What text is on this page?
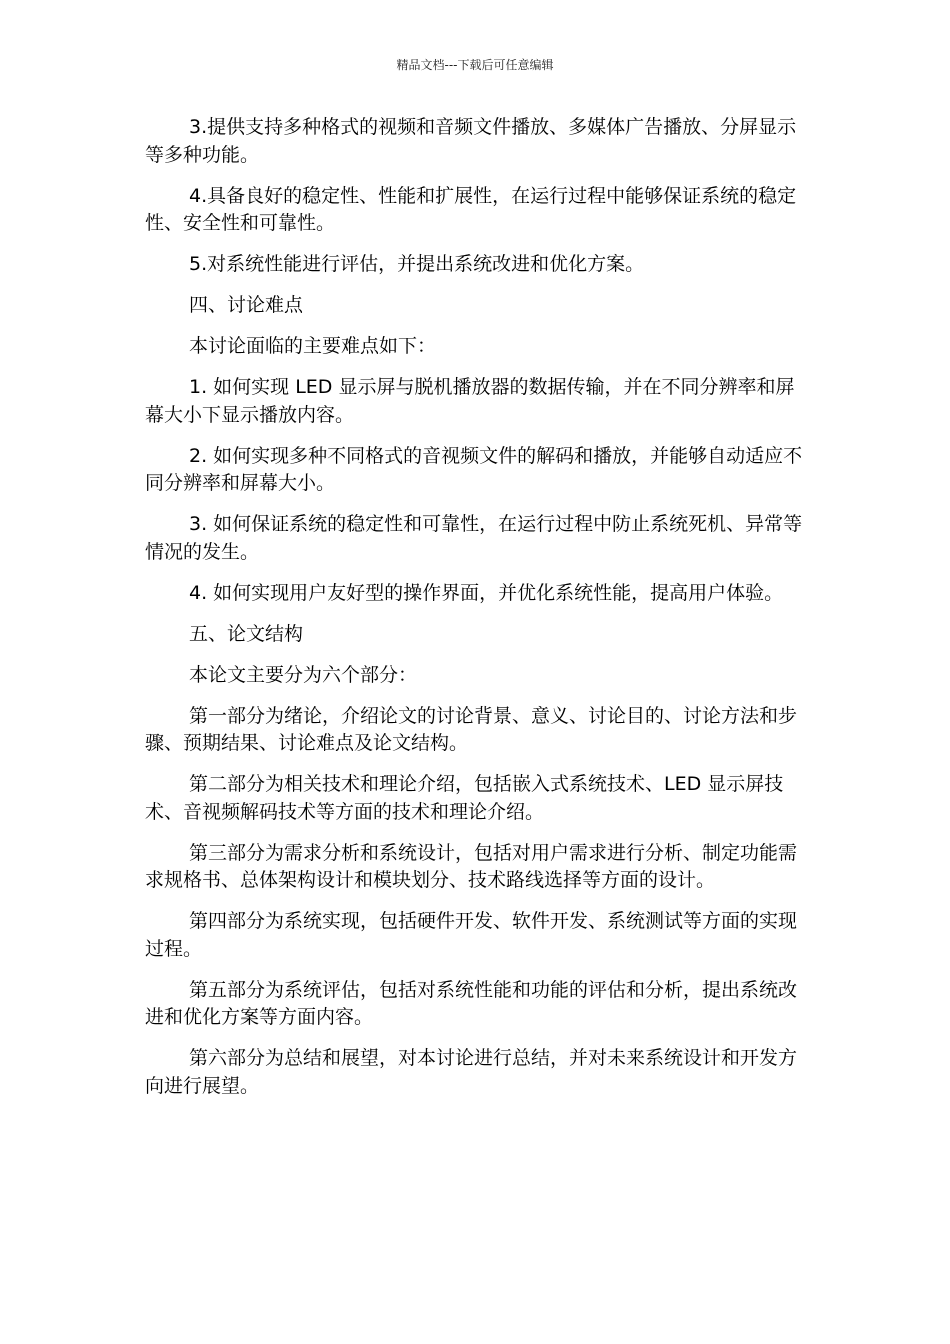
精品文档---下载后可任意编辑

3.提供支持多种格式的视频和音频文件播放、多媒体广告播放、分屏显示等多种功能。

4.具备良好的稳定性、性能和扩展性，在运行过程中能够保证系统的稳定性、安全性和可靠性。

5.对系统性能进行评估，并提出系统改进和优化方案。

四、讨论难点

本讨论面临的主要难点如下：

1. 如何实现 LED 显示屏与脱机播放器的数据传输，并在不同分辨率和屏幕大小下显示播放内容。

2. 如何实现多种不同格式的音视频文件的解码和播放，并能够自动适应不同分辨率和屏幕大小。

3. 如何保证系统的稳定性和可靠性，在运行过程中防止系统死机、异常等情况的发生。

4. 如何实现用户友好型的操作界面，并优化系统性能，提高用户体验。

五、论文结构

本论文主要分为六个部分：

第一部分为绪论，介绍论文的讨论背景、意义、讨论目的、讨论方法和步骤、预期结果、讨论难点及论文结构。

第二部分为相关技术和理论介绍，包括嵌入式系统技术、LED 显示屏技术、音视频解码技术等方面的技术和理论介绍。

第三部分为需求分析和系统设计，包括对用户需求进行分析、制定功能需求规格书、总体架构设计和模块划分、技术路线选择等方面的设计。

第四部分为系统实现，包括硬件开发、软件开发、系统测试等方面的实现过程。

第五部分为系统评估，包括对系统性能和功能的评估和分析，提出系统改进和优化方案等方面内容。

第六部分为总结和展望，对本讨论进行总结，并对未来系统设计和开发方向进行展望。
